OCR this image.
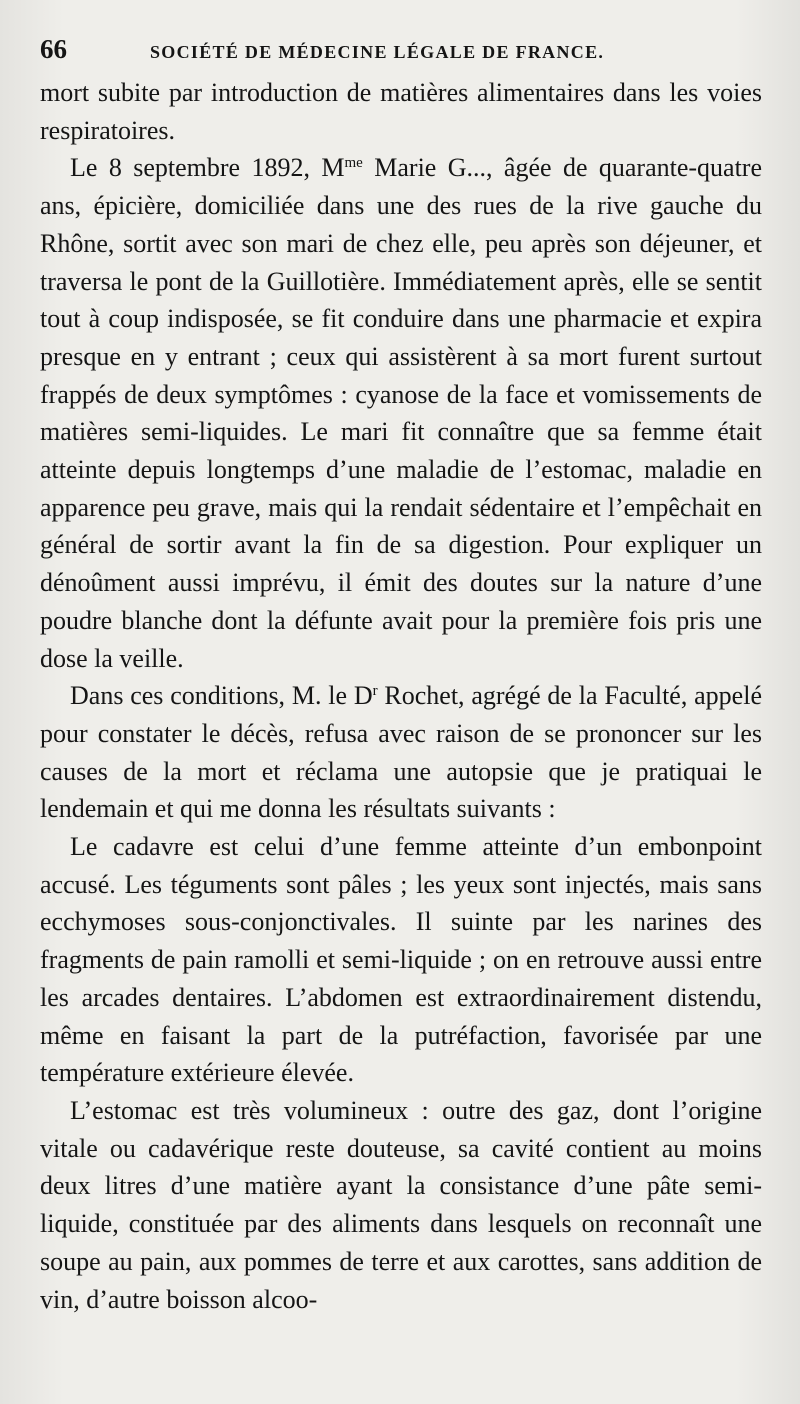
66	SOCIÉTÉ DE MÉDECINE LÉGALE DE FRANCE.

mort subite par introduction de matières alimentaires dans les voies respiratoires.

Le 8 septembre 1892, $M^{me}$ Marie G..., âgée de quarante-quatre ans, épicière, domiciliée dans une des rues de la rive gauche du Rhône, sortit avec son mari de chez elle, peu après son déjeuner, et traversa le pont de la Guillotière. Immédiatement après, elle se sentit tout à coup indisposée, se fit conduire dans une pharmacie et expira presque en y entrant ; ceux qui assistèrent à sa mort furent surtout frappés de deux symptômes : cyanose de la face et vomissements de matières semi-liquides. Le mari fit connaître que sa femme était atteinte depuis longtemps d’une maladie de l’estomac, maladie en apparence peu grave, mais qui la rendait sédentaire et l’empêchait en général de sortir avant la fin de sa digestion. Pour expliquer un dénoûment aussi imprévu, il émit des doutes sur la nature d’une poudre blanche dont la défunte avait pour la première fois pris une dose la veille.

Dans ces conditions, M. le $D^r$ Rochet, agrégé de la Faculté, appelé pour constater le décès, refusa avec raison de se prononcer sur les causes de la mort et réclama une autopsie que je pratiquai le lendemain et qui me donna les résultats suivants :

Le cadavre est celui d’une femme atteinte d’un embonpoint accusé. Les téguments sont pâles ; les yeux sont injectés, mais sans ecchymoses sous-conjonctivales. Il suinte par les narines des fragments de pain ramolli et semi-liquide ; on en retrouve aussi entre les arcades dentaires. L’abdomen est extraordinairement distendu, même en faisant la part de la putréfaction, favorisée par une température extérieure élevée.

L’estomac est très volumineux : outre des gaz, dont l’origine vitale ou cadavérique reste douteuse, sa cavité contient au moins deux litres d’une matière ayant la consistance d’une pâte semi-liquide, constituée par des aliments dans lesquels on reconnaît une soupe au pain, aux pommes de terre et aux carottes, sans addition de vin, d’autre boisson alcoo-
